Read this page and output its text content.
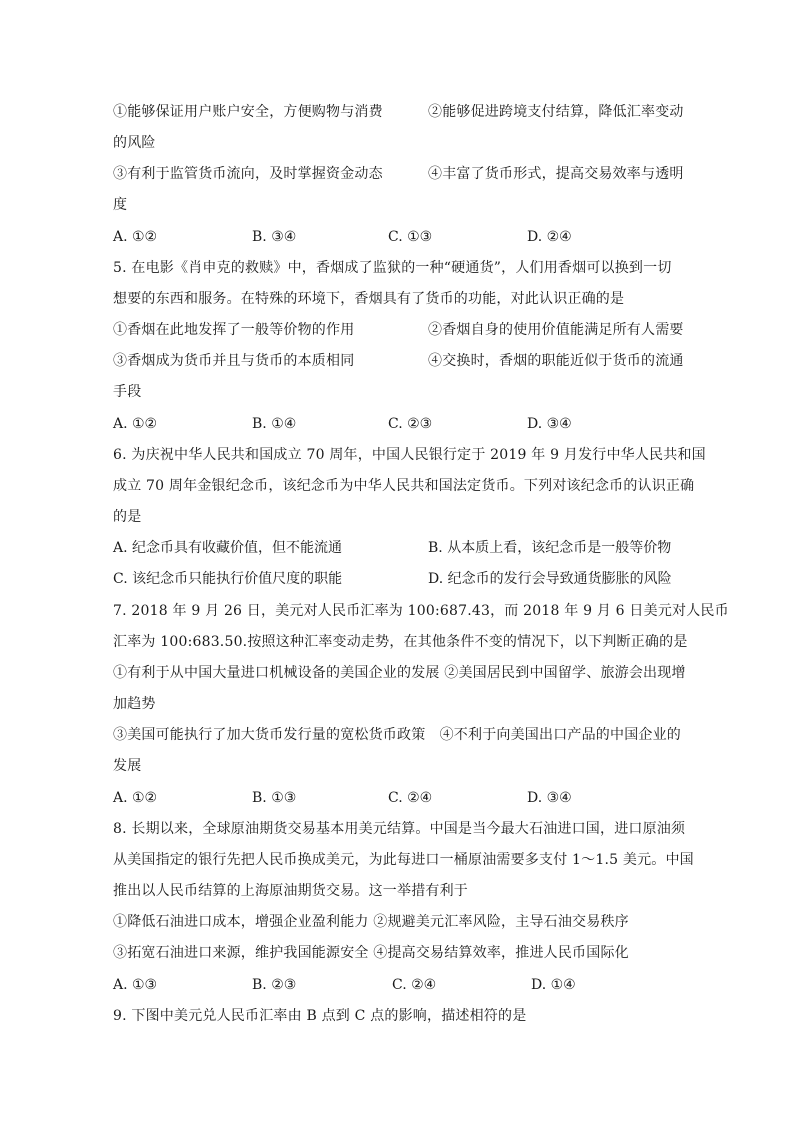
①能够保证用户账户安全，方便购物与消费	②能够促进跨境支付结算，降低汇率变动
的风险
③有利于监管货币流向，及时掌握资金动态	④丰富了货币形式，提高交易效率与透明
度
A. ①②	B. ③④	C. ①③	D. ②④
5. 在电影《肖申克的救赎》中，香烟成了监狱的一种“硬通货”，人们用香烟可以换到一切
想要的东西和服务。在特殊的环境下，香烟具有了货币的功能，对此认识正确的是
①香烟在此地发挥了一般等价物的作用	②香烟自身的使用价值能满足所有人需要
③香烟成为货币并且与货币的本质相同	④交换时，香烟的职能近似于货币的流通
手段
A. ①②	B. ①④	C. ②③	D. ③④
6. 为庆祝中华人民共和国成立 70 周年，中国人民银行定于 2019 年 9 月发行中华人民共和国
成立 70 周年金银纪念币，该纪念币为中华人民共和国法定货币。下列对该纪念币的认识正确
的是
A. 纪念币具有收藏价值，但不能流通	B. 从本质上看，该纪念币是一般等价物
C. 该纪念币只能执行价值尺度的职能	D. 纪念币的发行会导致通货膨胀的风险
7. 2018 年 9 月 26 日，美元对人民币汇率为 100:687.43，而 2018 年 9 月 6 日美元对人民币
汇率为 100:683.50.按照这种汇率变动走势，在其他条件不变的情况下，以下判断正确的是
①有利于从中国大量进口机械设备的美国企业的发展 ②美国居民到中国留学、旅游会出现增
加趋势
③美国可能执行了加大货币发行量的宽松货币政策　④不利于向美国出口产品的中国企业的
发展
A. ①②	B. ①③	C. ②④	D. ③④
8. 长期以来，全球原油期货交易基本用美元结算。中国是当今最大石油进口国，进口原油须
从美国指定的银行先把人民币换成美元，为此每进口一桶原油需要多支付 1～1.5 美元。中国
推出以人民币结算的上海原油期货交易。这一举措有利于
①降低石油进口成本，增强企业盈利能力 ②规避美元汇率风险，主导石油交易秩序
③拓宽石油进口来源，维护我国能源安全 ④提高交易结算效率，推进人民币国际化
A. ①③	B. ②③	C. ②④	D. ①④
9. 下图中美元兑人民币汇率由 B 点到 C 点的影响，描述相符的是
